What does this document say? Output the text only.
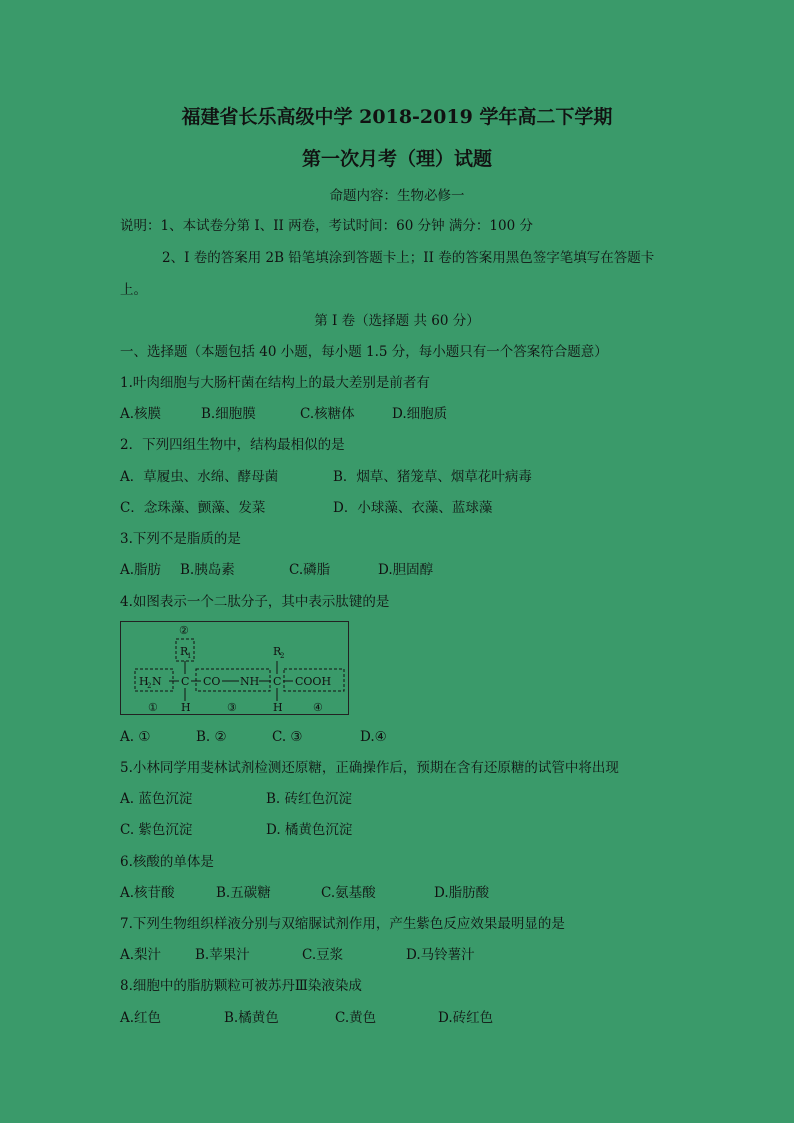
福建省长乐高级中学 2018-2019 学年高二下学期
第一次月考（理）试题
命题内容：生物必修一
说明：1、本试卷分第 I、II 两卷，考试时间：60 分钟 满分：100 分
2、I 卷的答案用 2B 铅笔填涂到答题卡上；II 卷的答案用黑色签字笔填写在答题卡
上。
第 I 卷（选择题 共 60 分）
一、选择题（本题包括 40 小题，每小题 1.5 分，每小题只有一个答案符合题意）
1.叶肉细胞与大肠杆菌在结构上的最大差别是前者有
A.核膜	B.细胞膜	C.核糖体	D.细胞质
2．下列四组生物中，结构最相似的是
A．草履虫、水绵、酵母菌	B．烟草、猪笼草、烟草花叶病毒
C．念珠藻、颤藻、发菜	D．小球藻、衣藻、蓝球藻
3.下列不是脂质的是
A.脂肪 B.胰岛素	C.磷脂	D.胆固醇
4.如图表示一个二肽分子，其中表示肽键的是
②
R
1	R
2
H
2 N C CO NH C COOH
H	H
①	③	④
A. ①	B. ②	C. ③	D.④
5.小林同学用斐林试剂检测还原糖，正确操作后，预期在含有还原糖的试管中将出现
A. 蓝色沉淀	B. 砖红色沉淀
C. 紫色沉淀	D. 橘黄色沉淀
6.核酸的单体是
A.核苷酸	B.五碳糖	C.氨基酸	D.脂肪酸
7.下列生物组织样液分别与双缩脲试剂作用，产生紫色反应效果最明显的是
A.梨汁	B.苹果汁	C.豆浆	D.马铃薯汁
8.细胞中的脂肪颗粒可被苏丹Ⅲ染液染成
A.红色	B.橘黄色	C.黄色	D.砖红色
